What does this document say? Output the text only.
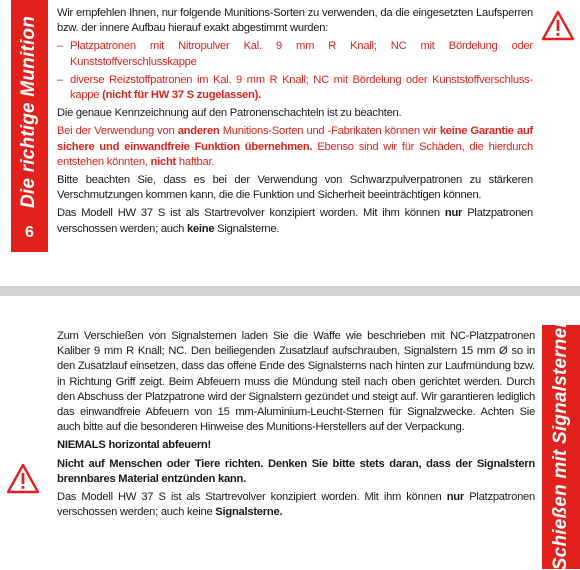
Die richtige Munition
6

Wir empfehlen Ihnen, nur folgende Munitions-Sorten zu verwenden, da die eingesetzten Laufsperren bzw. der innere Aufbau hierauf exakt abgestimmt wurden:

– Platzpatronen mit Nitropulver Kal. 9 mm R Knall; NC mit Bördelung oder Kunststoffverschlusskappe

– diverse Reizstoffpatronen im Kal. 9 mm R Knall; NC mit Bördelung oder Kunststoffverschluss-kappe (nicht für HW 37 S zugelassen).

Die genaue Kennzeichnung auf den Patronenschachteln ist zu beachten.

Bei der Verwendung von anderen Munitions-Sorten und -Fabrikaten können wir keine Garantie auf sichere und einwandfreie Funktion übernehmen. Ebenso sind wir für Schäden, die hierdurch entstehen könnten, nicht haftbar.

Bitte beachten Sie, dass es bei der Verwendung von Schwarzpulverpatronen zu stärkeren Verschmutzungen kommen kann, die die Funktion und Sicherheit beeinträchtigen können.

Das Modell HW 37 S ist als Startrevolver konzipiert worden. Mit ihm können nur Platzpatronen verschossen werden; auch keine Signalsterne.

Zum Verschießen von Signalsternen laden Sie die Waffe wie beschrieben mit NC-Platzpatronen Kaliber 9 mm R Knall; NC. Den beiliegenden Zusatzlauf aufschrauben, Signalstern 15 mm Ø so in den Zusatzlauf einsetzen, dass das offene Ende des Signalsterns nach hinten zur Laufmündung bzw. in Richtung Griff zeigt. Beim Abfeuern muss die Mündung steil nach oben gerichtet werden. Durch den Abschuss der Platzpatrone wird der Signalstern gezündet und steigt auf. Wir garantieren lediglich das einwandfreie Abfeuern von 15 mm-Aluminium-Leucht-Sternen für Signalzwecke. Achten Sie auch bitte auf die besonderen Hinweise des Munitions-Herstellers auf der Verpackung.

NIEMALS horizontal abfeuern!

Nicht auf Menschen oder Tiere richten. Denken Sie bitte stets daran, dass der Signalstern brennbares Material entzünden kann.

Das Modell HW 37 S ist als Startrevolver konzipiert worden. Mit ihm können nur Platzpatronen verschossen werden; auch keine Signalsterne.	Schießen mit Signalsternen
